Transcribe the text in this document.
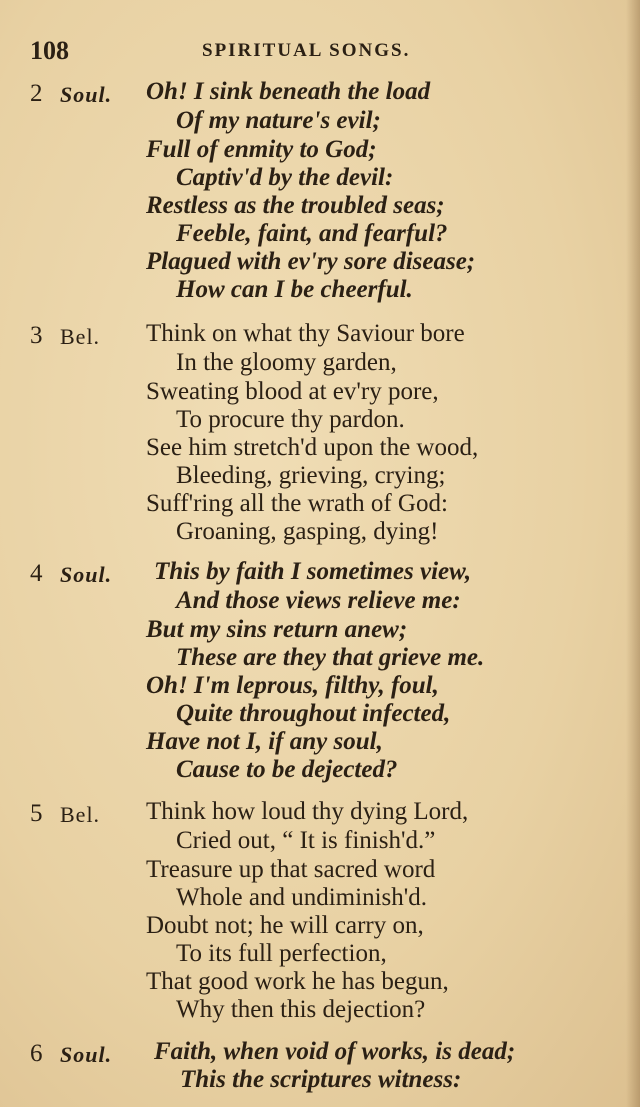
108	SPIRITUAL SONGS.
2 Soul. Oh! I sink beneath the load
Of my nature's evil;
Full of enmity to God;
Captiv'd by the devil:
Restless as the troubled seas;
Feeble, faint, and fearful?
Plagued with ev'ry sore disease;
How can I be cheerful.
3 Bel. Think on what thy Saviour bore
In the gloomy garden,
Sweating blood at ev'ry pore,
To procure thy pardon.
See him stretch'd upon the wood,
Bleeding, grieving, crying;
Suff'ring all the wrath of God:
Groaning, gasping, dying!
4 Soul. This by faith I sometimes view,
And those views relieve me:
But my sins return anew;
These are they that grieve me.
Oh! I'm leprous, filthy, foul,
Quite throughout infected,
Have not I, if any soul,
Cause to be dejected?
5 Bel. Think how loud thy dying Lord,
Cried out, “ It is finish'd.”
Treasure up that sacred word
Whole and undiminish'd.
Doubt not; he will carry on,
To its full perfection,
That good work he has begun,
Why then this dejection?
6 Soul. Faith, when void of works, is dead;
This the scriptures witness:
